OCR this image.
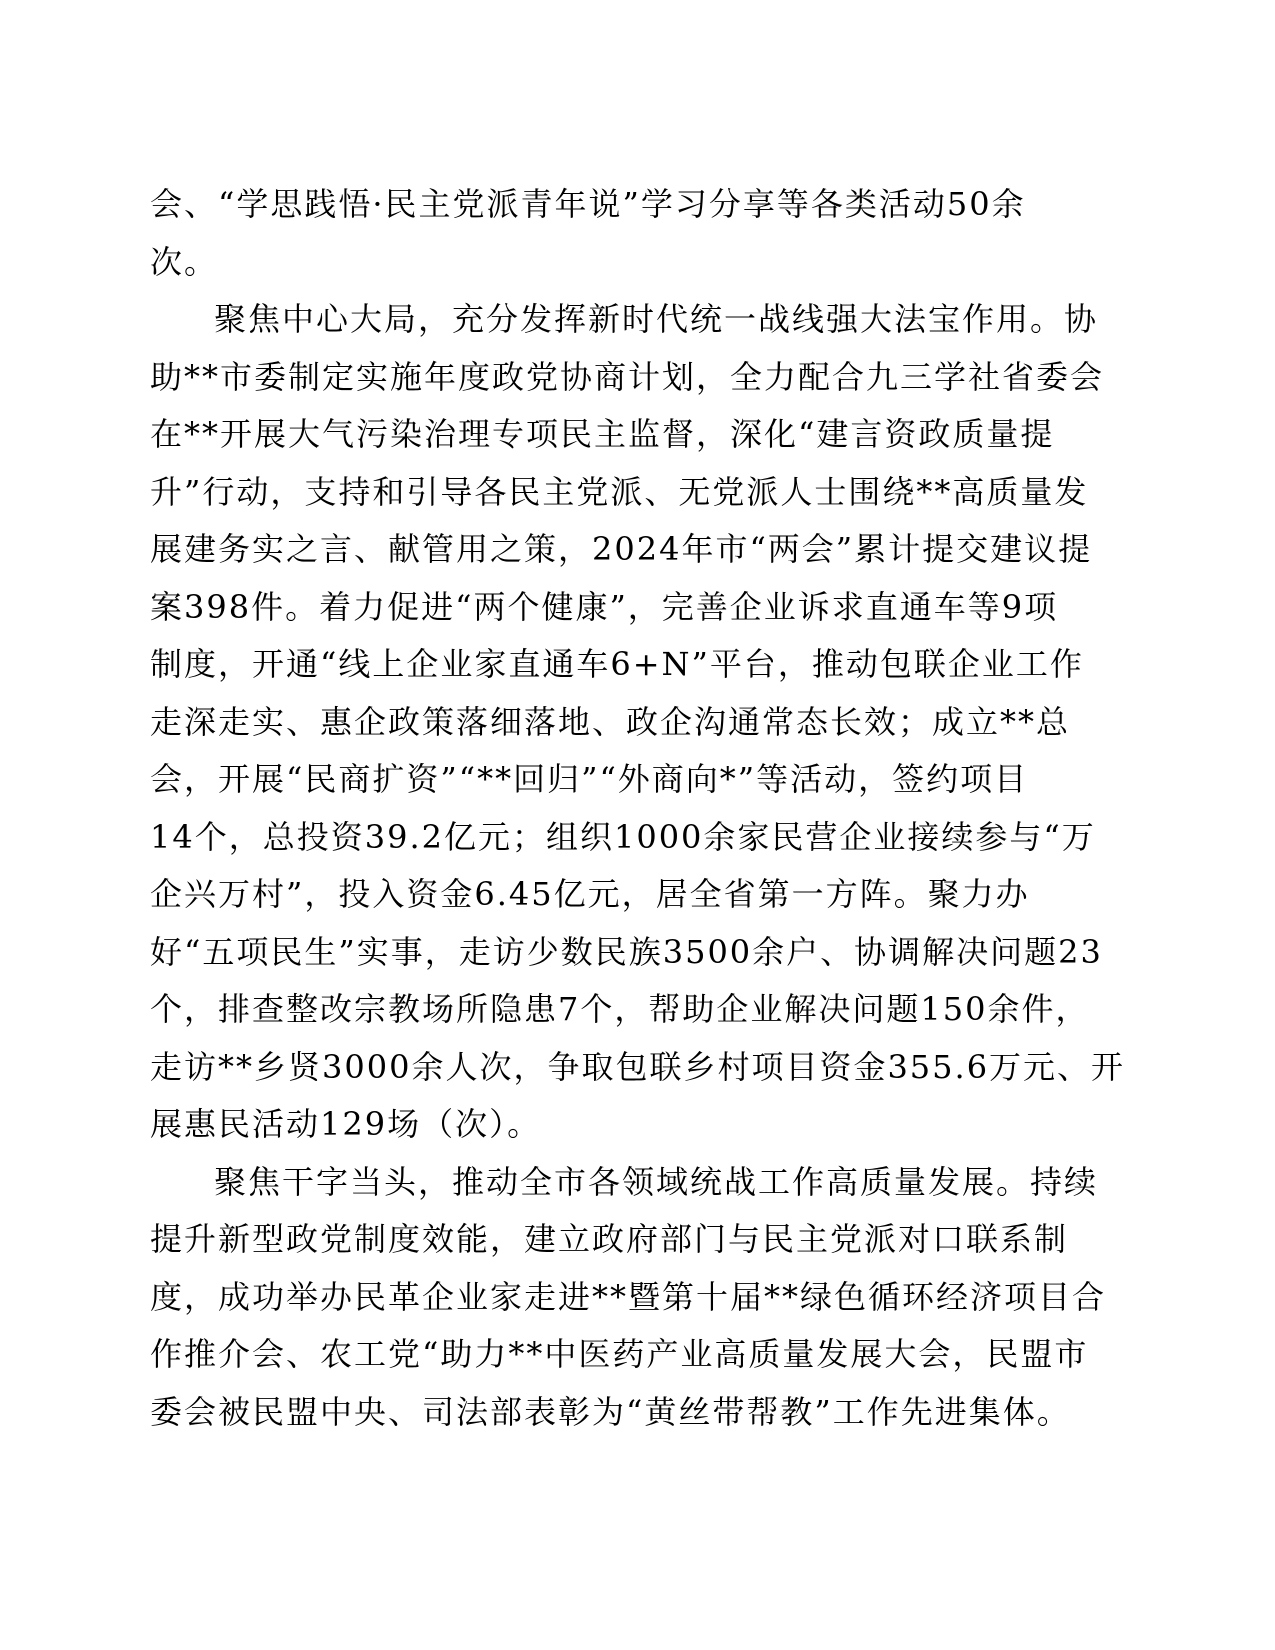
会、“学思践悟·民主党派青年说”学习分享等各类活动50余
次。
聚焦中心大局，充分发挥新时代统一战线强大法宝作用。协
助**市委制定实施年度政党协商计划，全力配合九三学社省委会
在**开展大气污染治理专项民主监督，深化“建言资政质量提
升”行动，支持和引导各民主党派、无党派人士围绕**高质量发
展建务实之言、献管用之策，2024年市“两会”累计提交建议提
案398件。着力促进“两个健康”，完善企业诉求直通车等9项
制度，开通“线上企业家直通车6+N”平台，推动包联企业工作
走深走实、惠企政策落细落地、政企沟通常态长效；成立**总
会，开展“民商扩资”“**回归”“外商向*”等活动，签约项目
14个，总投资39.2亿元；组织1000余家民营企业接续参与“万
企兴万村”，投入资金6.45亿元，居全省第一方阵。聚力办
好“五项民生”实事，走访少数民族3500余户、协调解决问题23
个，排查整改宗教场所隐患7个，帮助企业解决问题150余件，
走访**乡贤3000余人次，争取包联乡村项目资金355.6万元、开
展惠民活动129场（次）。
聚焦干字当头，推动全市各领域统战工作高质量发展。持续
提升新型政党制度效能，建立政府部门与民主党派对口联系制
度，成功举办民革企业家走进**暨第十届**绿色循环经济项目合
作推介会、农工党“助力**中医药产业高质量发展大会，民盟市
委会被民盟中央、司法部表彰为“黄丝带帮教”工作先进集体。
